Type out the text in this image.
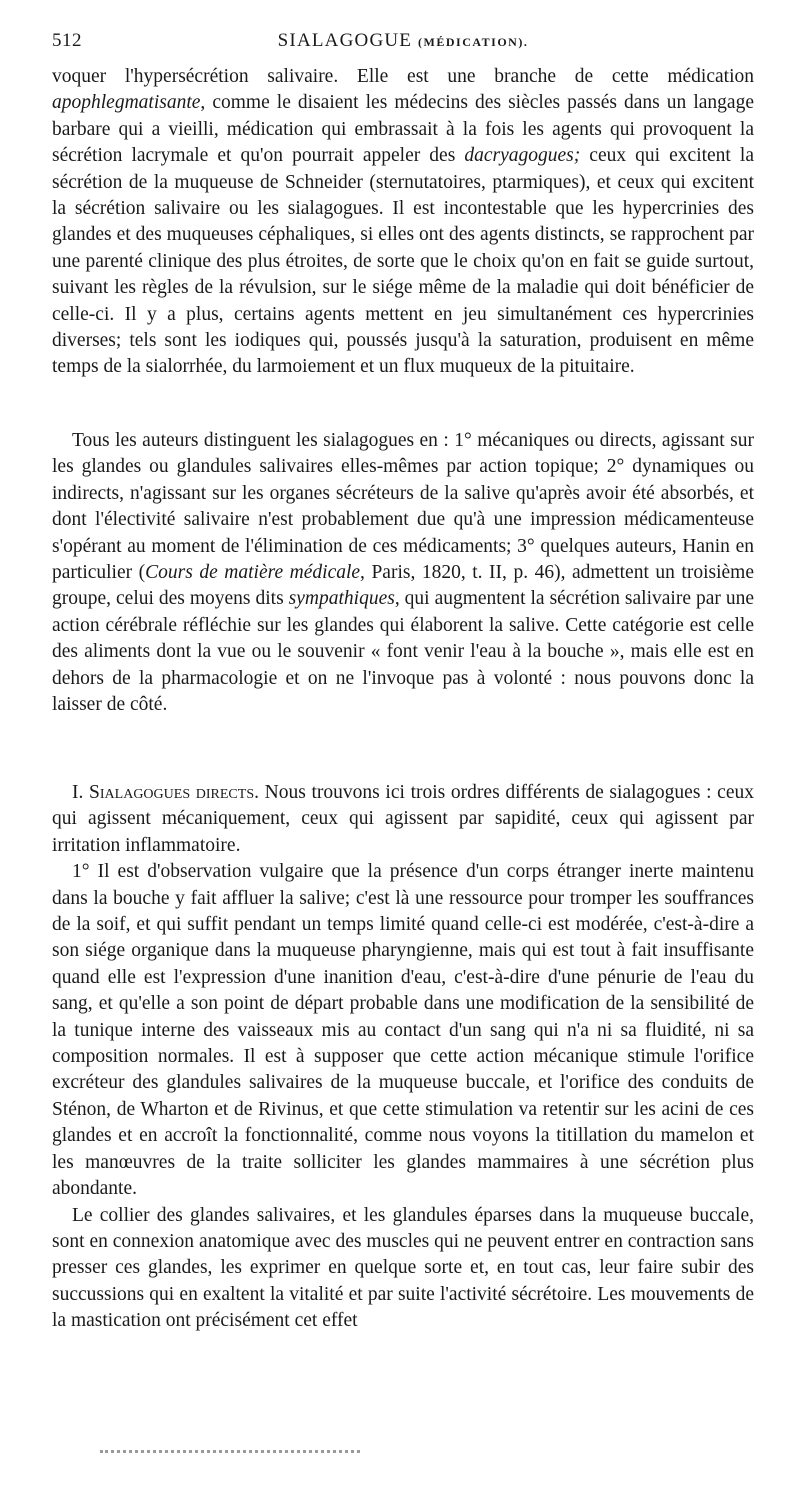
512	SIALAGOGUE (MÉDICATION).

voquer l'hypersécrétion salivaire. Elle est une branche de cette médication apophlegmatisante, comme le disaient les médecins des siècles passés dans un langage barbare qui a vieilli, médication qui embrassait à la fois les agents qui provoquent la sécrétion lacrymale et qu'on pourrait appeler des dacryagogues; ceux qui excitent la sécrétion de la muqueuse de Schneider (sternutatoires, ptarmiques), et ceux qui excitent la sécrétion salivaire ou les sialagogues. Il est incontestable que les hypercrinies des glandes et des muqueuses céphaliques, si elles ont des agents distincts, se rapprochent par une parenté clinique des plus étroites, de sorte que le choix qu'on en fait se guide surtout, suivant les règles de la révulsion, sur le siége même de la maladie qui doit bénéficier de celle-ci. Il y a plus, certains agents mettent en jeu simultanément ces hypercrinies diverses; tels sont les iodiques qui, poussés jusqu'à la saturation, produisent en même temps de la sialorrhée, du larmoiement et un flux muqueux de la pituitaire.

Tous les auteurs distinguent les sialagogues en : 1° mécaniques ou directs, agissant sur les glandes ou glandules salivaires elles-mêmes par action topique; 2° dynamiques ou indirects, n'agissant sur les organes sécréteurs de la salive qu'après avoir été absorbés, et dont l'électivité salivaire n'est probablement due qu'à une impression médicamenteuse s'opérant au moment de l'élimination de ces médicaments; 3° quelques auteurs, Hanin en particulier (Cours de matière médicale, Paris, 1820, t. II, p. 46), admettent un troisième groupe, celui des moyens dits sympathiques, qui augmentent la sécrétion salivaire par une action cérébrale réfléchie sur les glandes qui élaborent la salive. Cette catégorie est celle des aliments dont la vue ou le souvenir « font venir l'eau à la bouche », mais elle est en dehors de la pharmacologie et on ne l'invoque pas à volonté : nous pouvons donc la laisser de côté.

I. Sialagogues directs. Nous trouvons ici trois ordres différents de sialagogues : ceux qui agissent mécaniquement, ceux qui agissent par sapidité, ceux qui agissent par irritation inflammatoire.

1° Il est d'observation vulgaire que la présence d'un corps étranger inerte maintenu dans la bouche y fait affluer la salive; c'est là une ressource pour tromper les souffrances de la soif, et qui suffit pendant un temps limité quand celle-ci est modérée, c'est-à-dire a son siége organique dans la muqueuse pharyngienne, mais qui est tout à fait insuffisante quand elle est l'expression d'une inanition d'eau, c'est-à-dire d'une pénurie de l'eau du sang, et qu'elle a son point de départ probable dans une modification de la sensibilité de la tunique interne des vaisseaux mis au contact d'un sang qui n'a ni sa fluidité, ni sa composition normales. Il est à supposer que cette action mécanique stimule l'orifice excréteur des glandules salivaires de la muqueuse buccale, et l'orifice des conduits de Sténon, de Wharton et de Rivinus, et que cette stimulation va retentir sur les acini de ces glandes et en accroît la fonctionnalité, comme nous voyons la titillation du mamelon et les manœuvres de la traite solliciter les glandes mammaires à une sécrétion plus abondante.

Le collier des glandes salivaires, et les glandules éparses dans la muqueuse buccale, sont en connexion anatomique avec des muscles qui ne peuvent entrer en contraction sans presser ces glandes, les exprimer en quelque sorte et, en tout cas, leur faire subir des succussions qui en exaltent la vitalité et par suite l'activité sécrétoire. Les mouvements de la mastication ont précisément cet effet
